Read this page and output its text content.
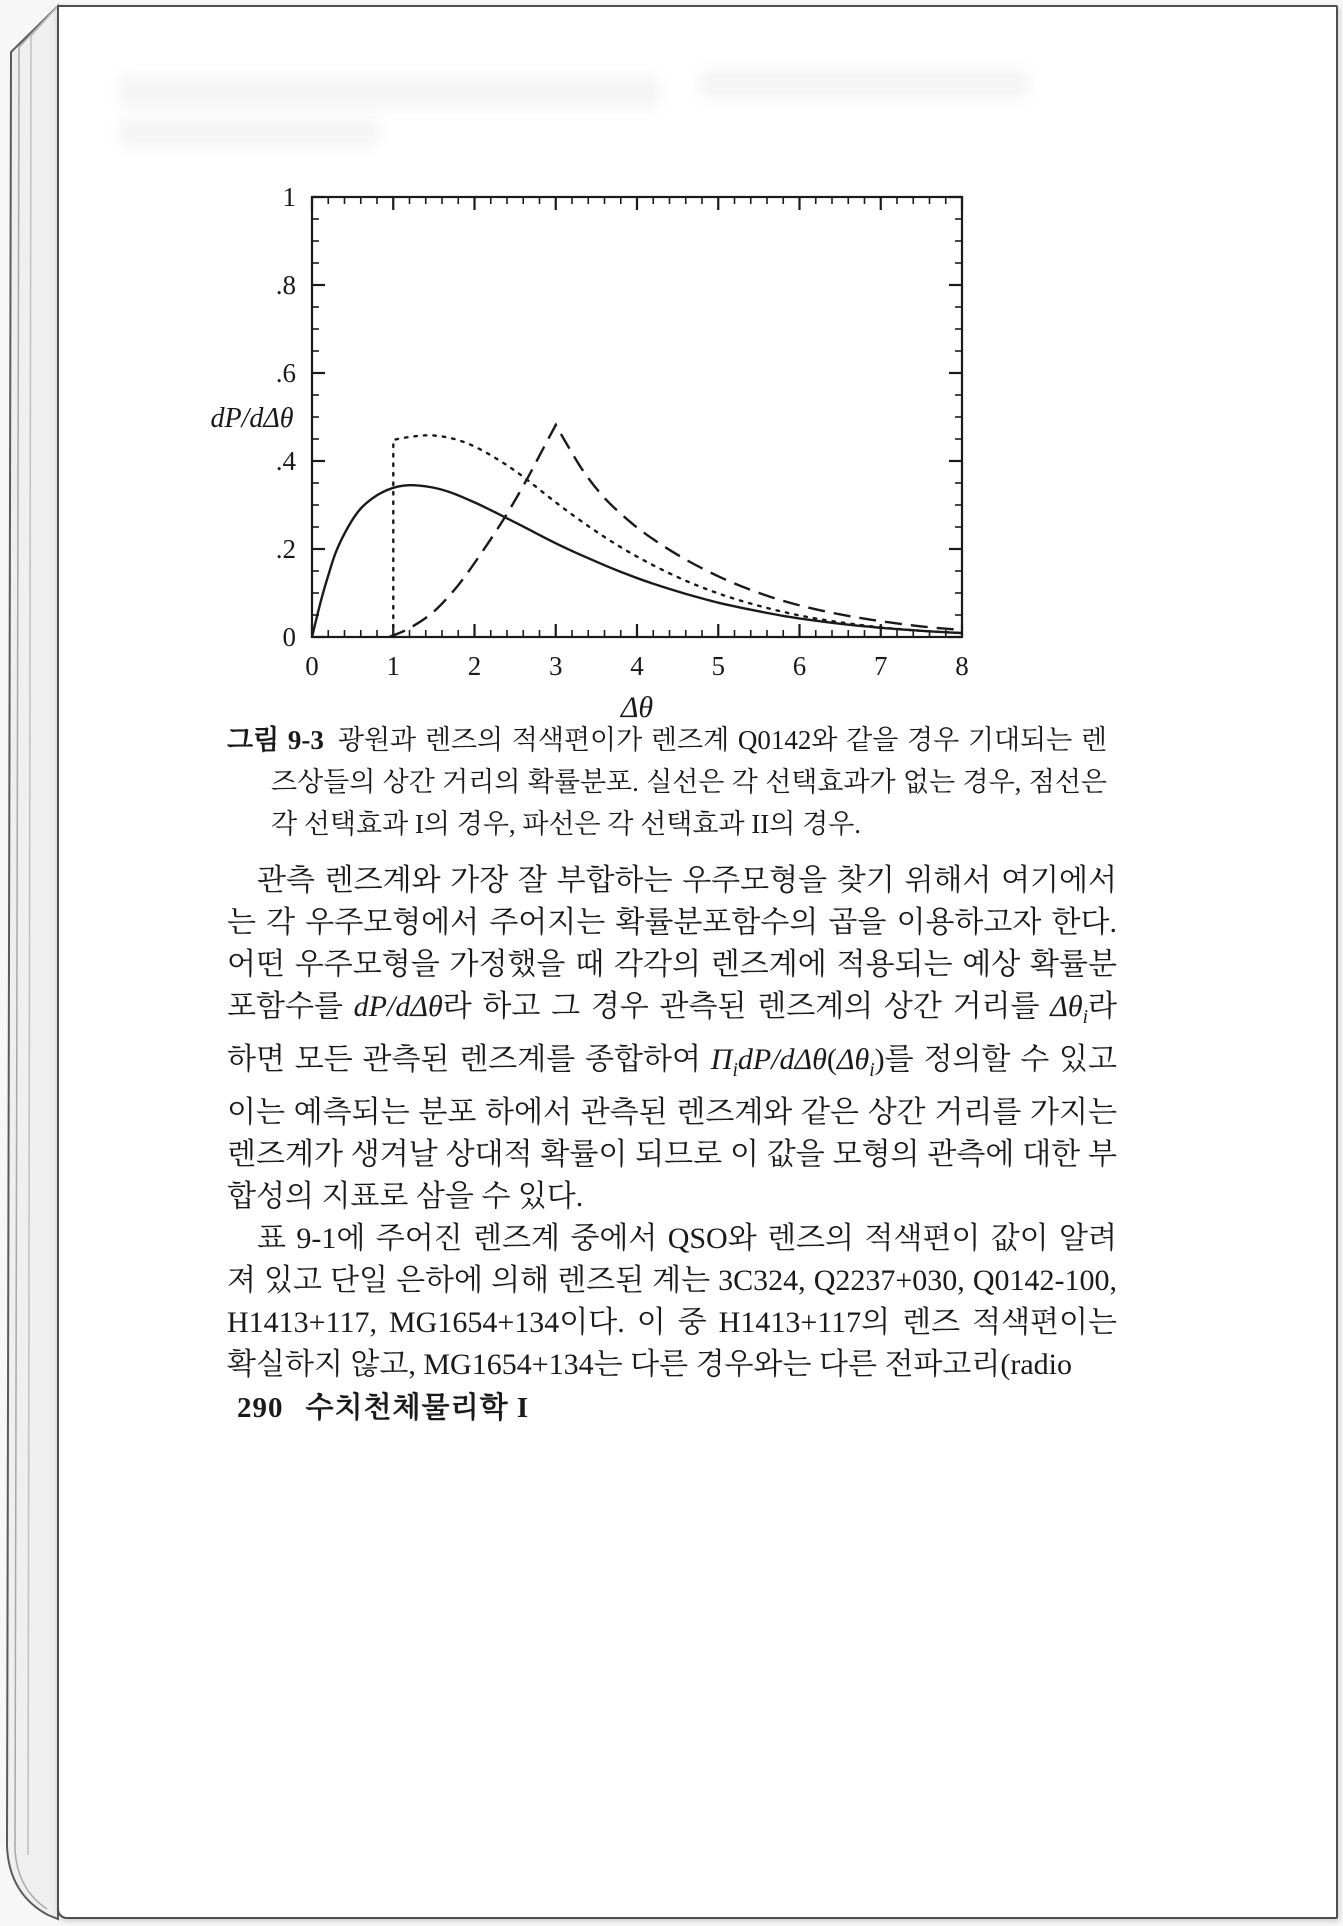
0
.2
.4
.6
.8
1
0	1	2	3	4	5	6	7	8
dP/dΔθ
Δθ
그림 9-3 광원과 렌즈의 적색편이가 렌즈계 Q0142와 같을 경우 기대되는 렌즈상들의 상간 거리의 확률분포. 실선은 각 선택효과가 없는 경우, 점선은 각 선택효과 I의 경우, 파선은 각 선택효과 II의 경우.

관측 렌즈계와 가장 잘 부합하는 우주모형을 찾기 위해서 여기에서는 각 우주모형에서 주어지는 확률분포함수의 곱을 이용하고자 한다. 어떤 우주모형을 가정했을 때 각각의 렌즈계에 적용되는 예상 확률분포함수를 dP/dΔθ라 하고 그 경우 관측된 렌즈계의 상간 거리를 $\Delta\theta_i$라 하면 모든 관측된 렌즈계를 종합하여 $\Pi_idP/d\Delta\theta(\Delta\theta_i)$를 정의할 수 있고 이는 예측되는 분포 하에서 관측된 렌즈계와 같은 상간 거리를 가지는 렌즈계가 생겨날 상대적 확률이 되므로 이 값을 모형의 관측에 대한 부합성의 지표로 삼을 수 있다.

표 9-1에 주어진 렌즈계 중에서 QSO와 렌즈의 적색편이 값이 알려져 있고 단일 은하에 의해 렌즈된 계는 3C324, Q2237+030, Q0142-100, H1413+117, MG1654+134이다. 이 중 H1413+117의 렌즈 적색편이는 확실하지 않고, MG1654+134는 다른 경우와는 다른 전파고리(radio

290 수치천체물리학 I
